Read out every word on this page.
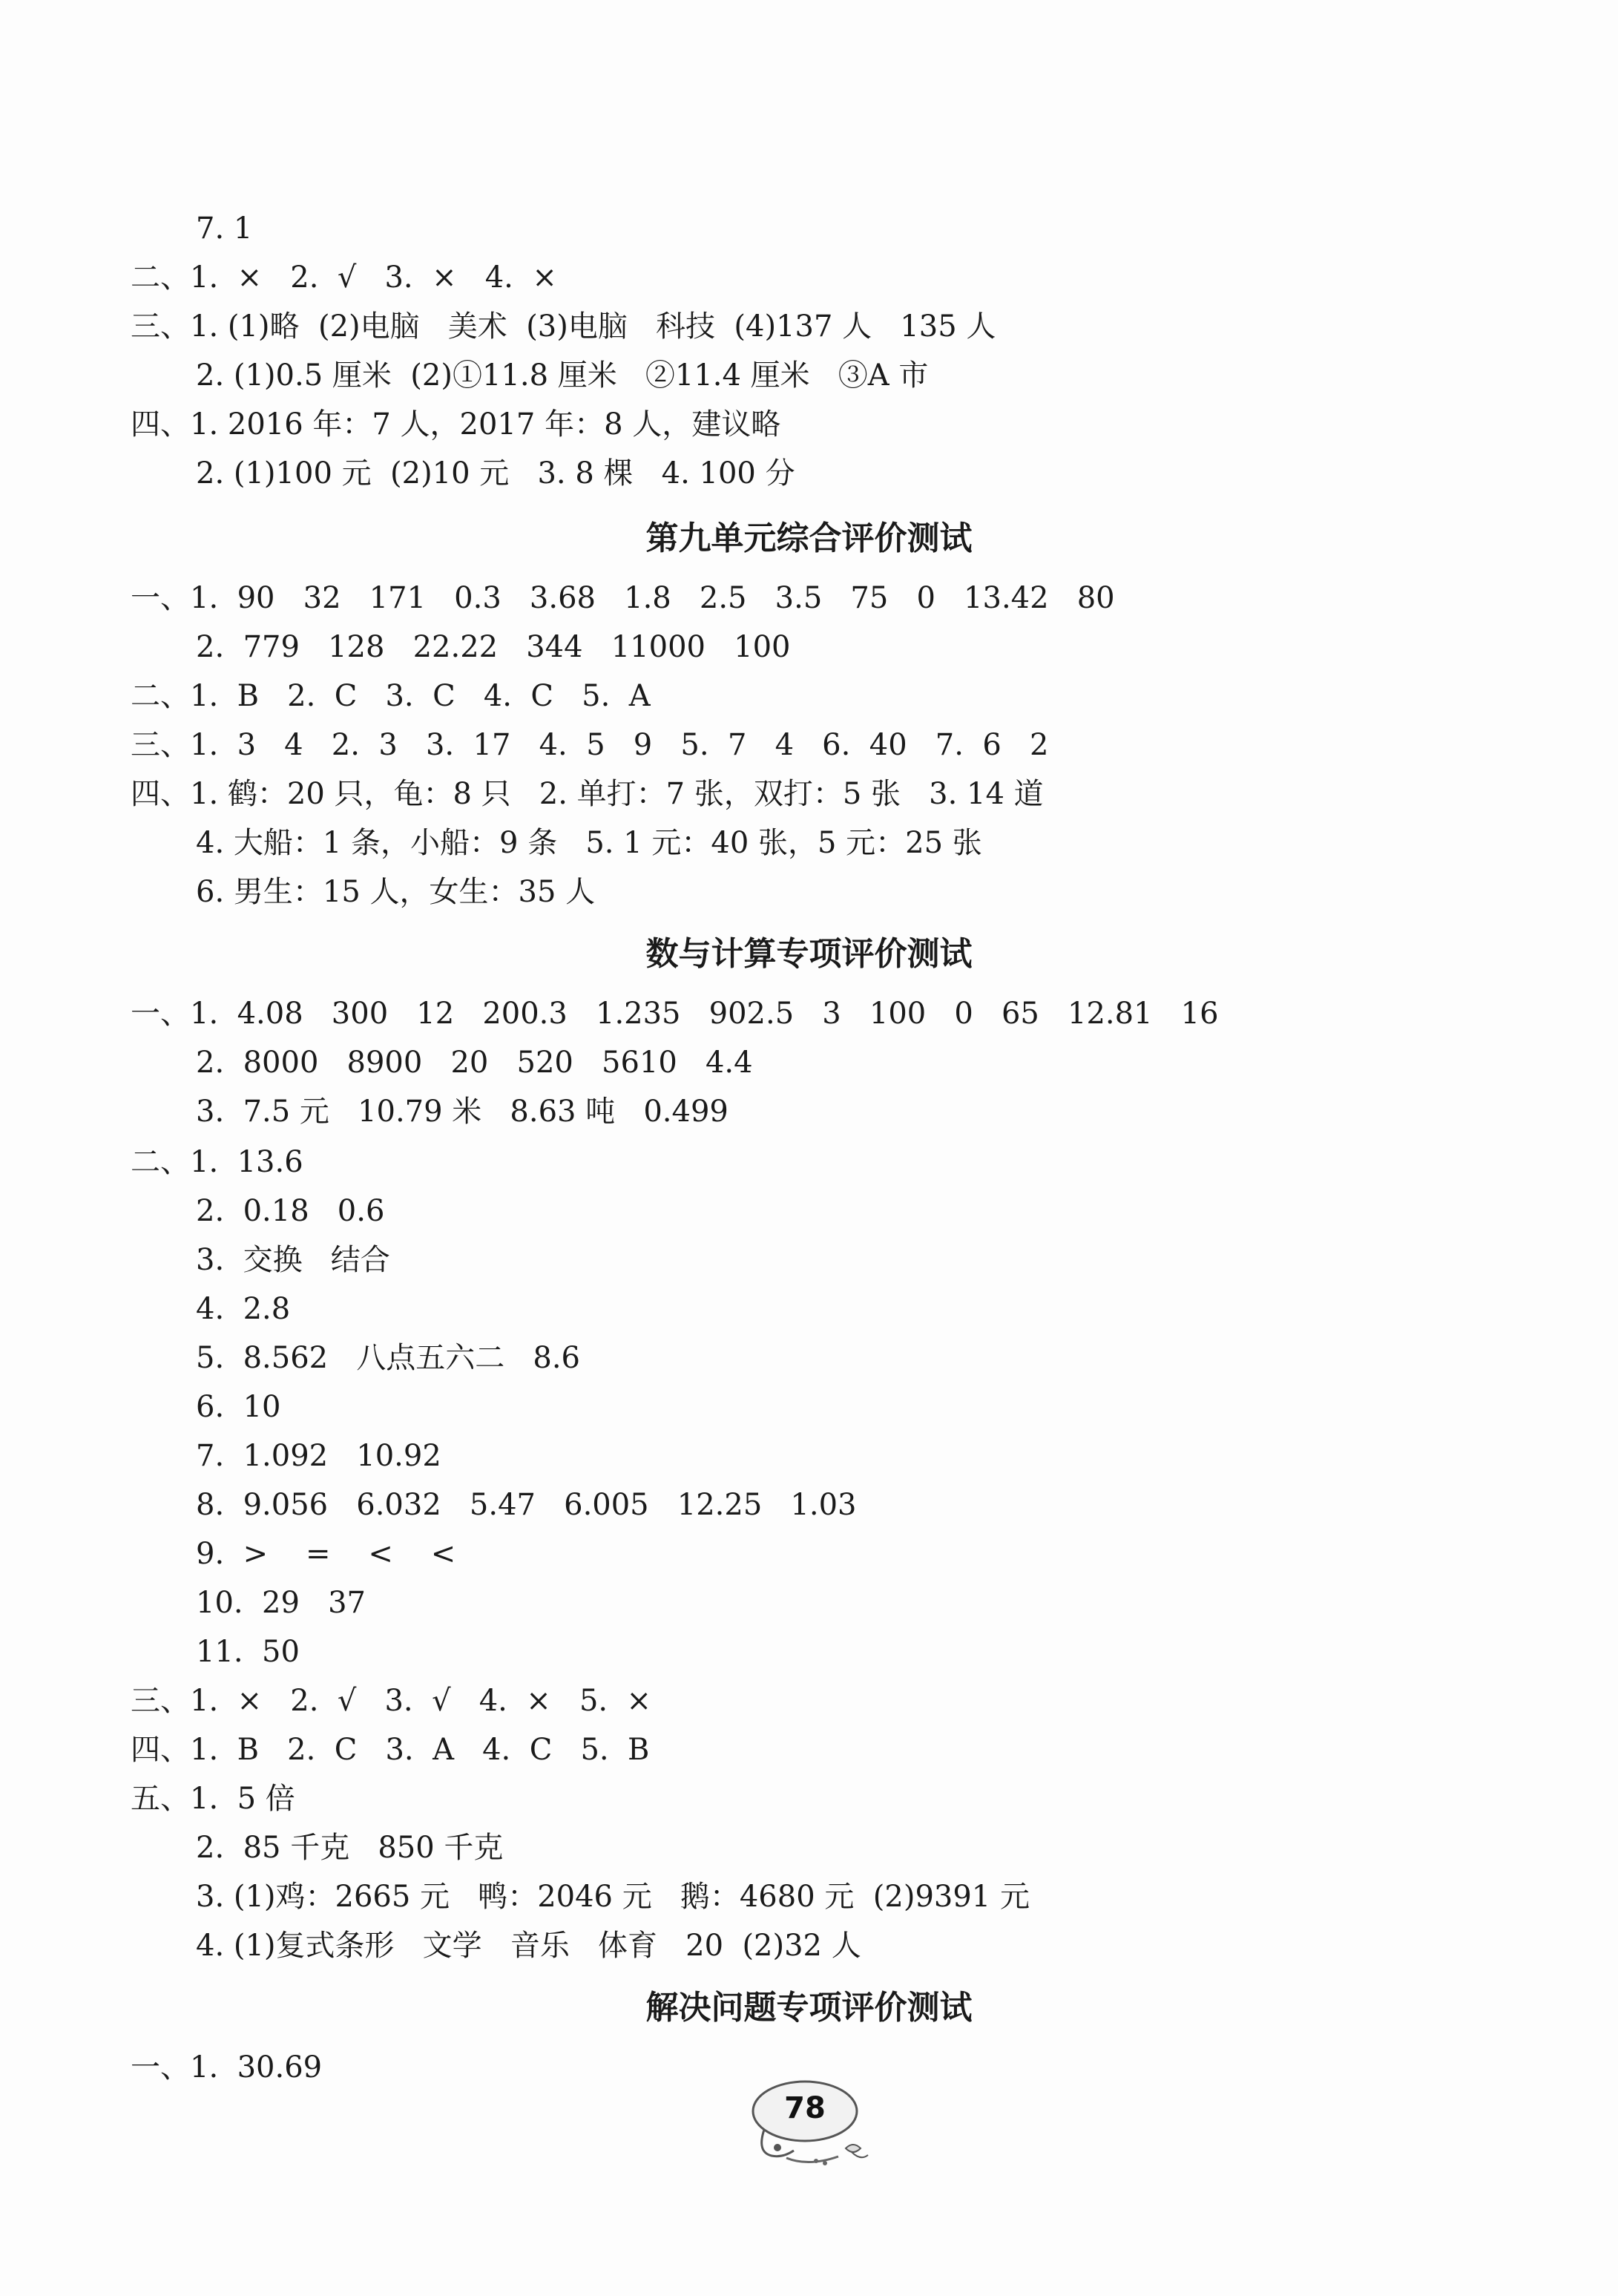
7. 1
二、1.  ×   2.  √   3.  ×   4.  ×
三、1. (1)略  (2)电脑   美术  (3)电脑   科技  (4)137 人   135 人
2. (1)0.5 厘米  (2)①11.8 厘米   ②11.4 厘米   ③A 市
四、1. 2016 年：7 人，2017 年：8 人，建议略
2. (1)100 元  (2)10 元   3. 8 棵   4. 100 分
第九单元综合评价测试
一、1.  90   32   171   0.3   3.68   1.8   2.5   3.5   75   0   13.42   80
2.  779   128   22.22   344   11000   100
二、1.  B   2.  C   3.  C   4.  C   5.  A
三、1.  3   4   2.  3   3.  17   4.  5   9   5.  7   4   6.  40   7.  6   2
四、1. 鹤：20 只，龟：8 只   2. 单打：7 张，双打：5 张   3. 14 道
4. 大船：1 条，小船：9 条   5. 1 元：40 张，5 元：25 张
6. 男生：15 人，女生：35 人
数与计算专项评价测试
一、1.  4.08   300   12   200.3   1.235   902.5   3   100   0   65   12.81   16
2.  8000   8900   20   520   5610   4.4
3.  7.5 元   10.79 米   8.63 吨   0.499
二、1.  13.6
2.  0.18   0.6
3.  交换   结合
4.  2.8
5.  8.562   八点五六二   8.6
6.  10
7.  1.092   10.92
8.  9.056   6.032   5.47   6.005   12.25   1.03
9.  >    =    <    <
10.  29   37
11.  50
三、1.  ×   2.  √   3.  √   4.  ×   5.  ×
四、1.  B   2.  C   3.  A   4.  C   5.  B
五、1.  5 倍
2.  85 千克   850 千克
3. (1)鸡：2665 元   鸭：2046 元   鹅：4680 元  (2)9391 元
4. (1)复式条形   文学   音乐   体育   20  (2)32 人
解决问题专项评价测试
一、1.  30.69
78
